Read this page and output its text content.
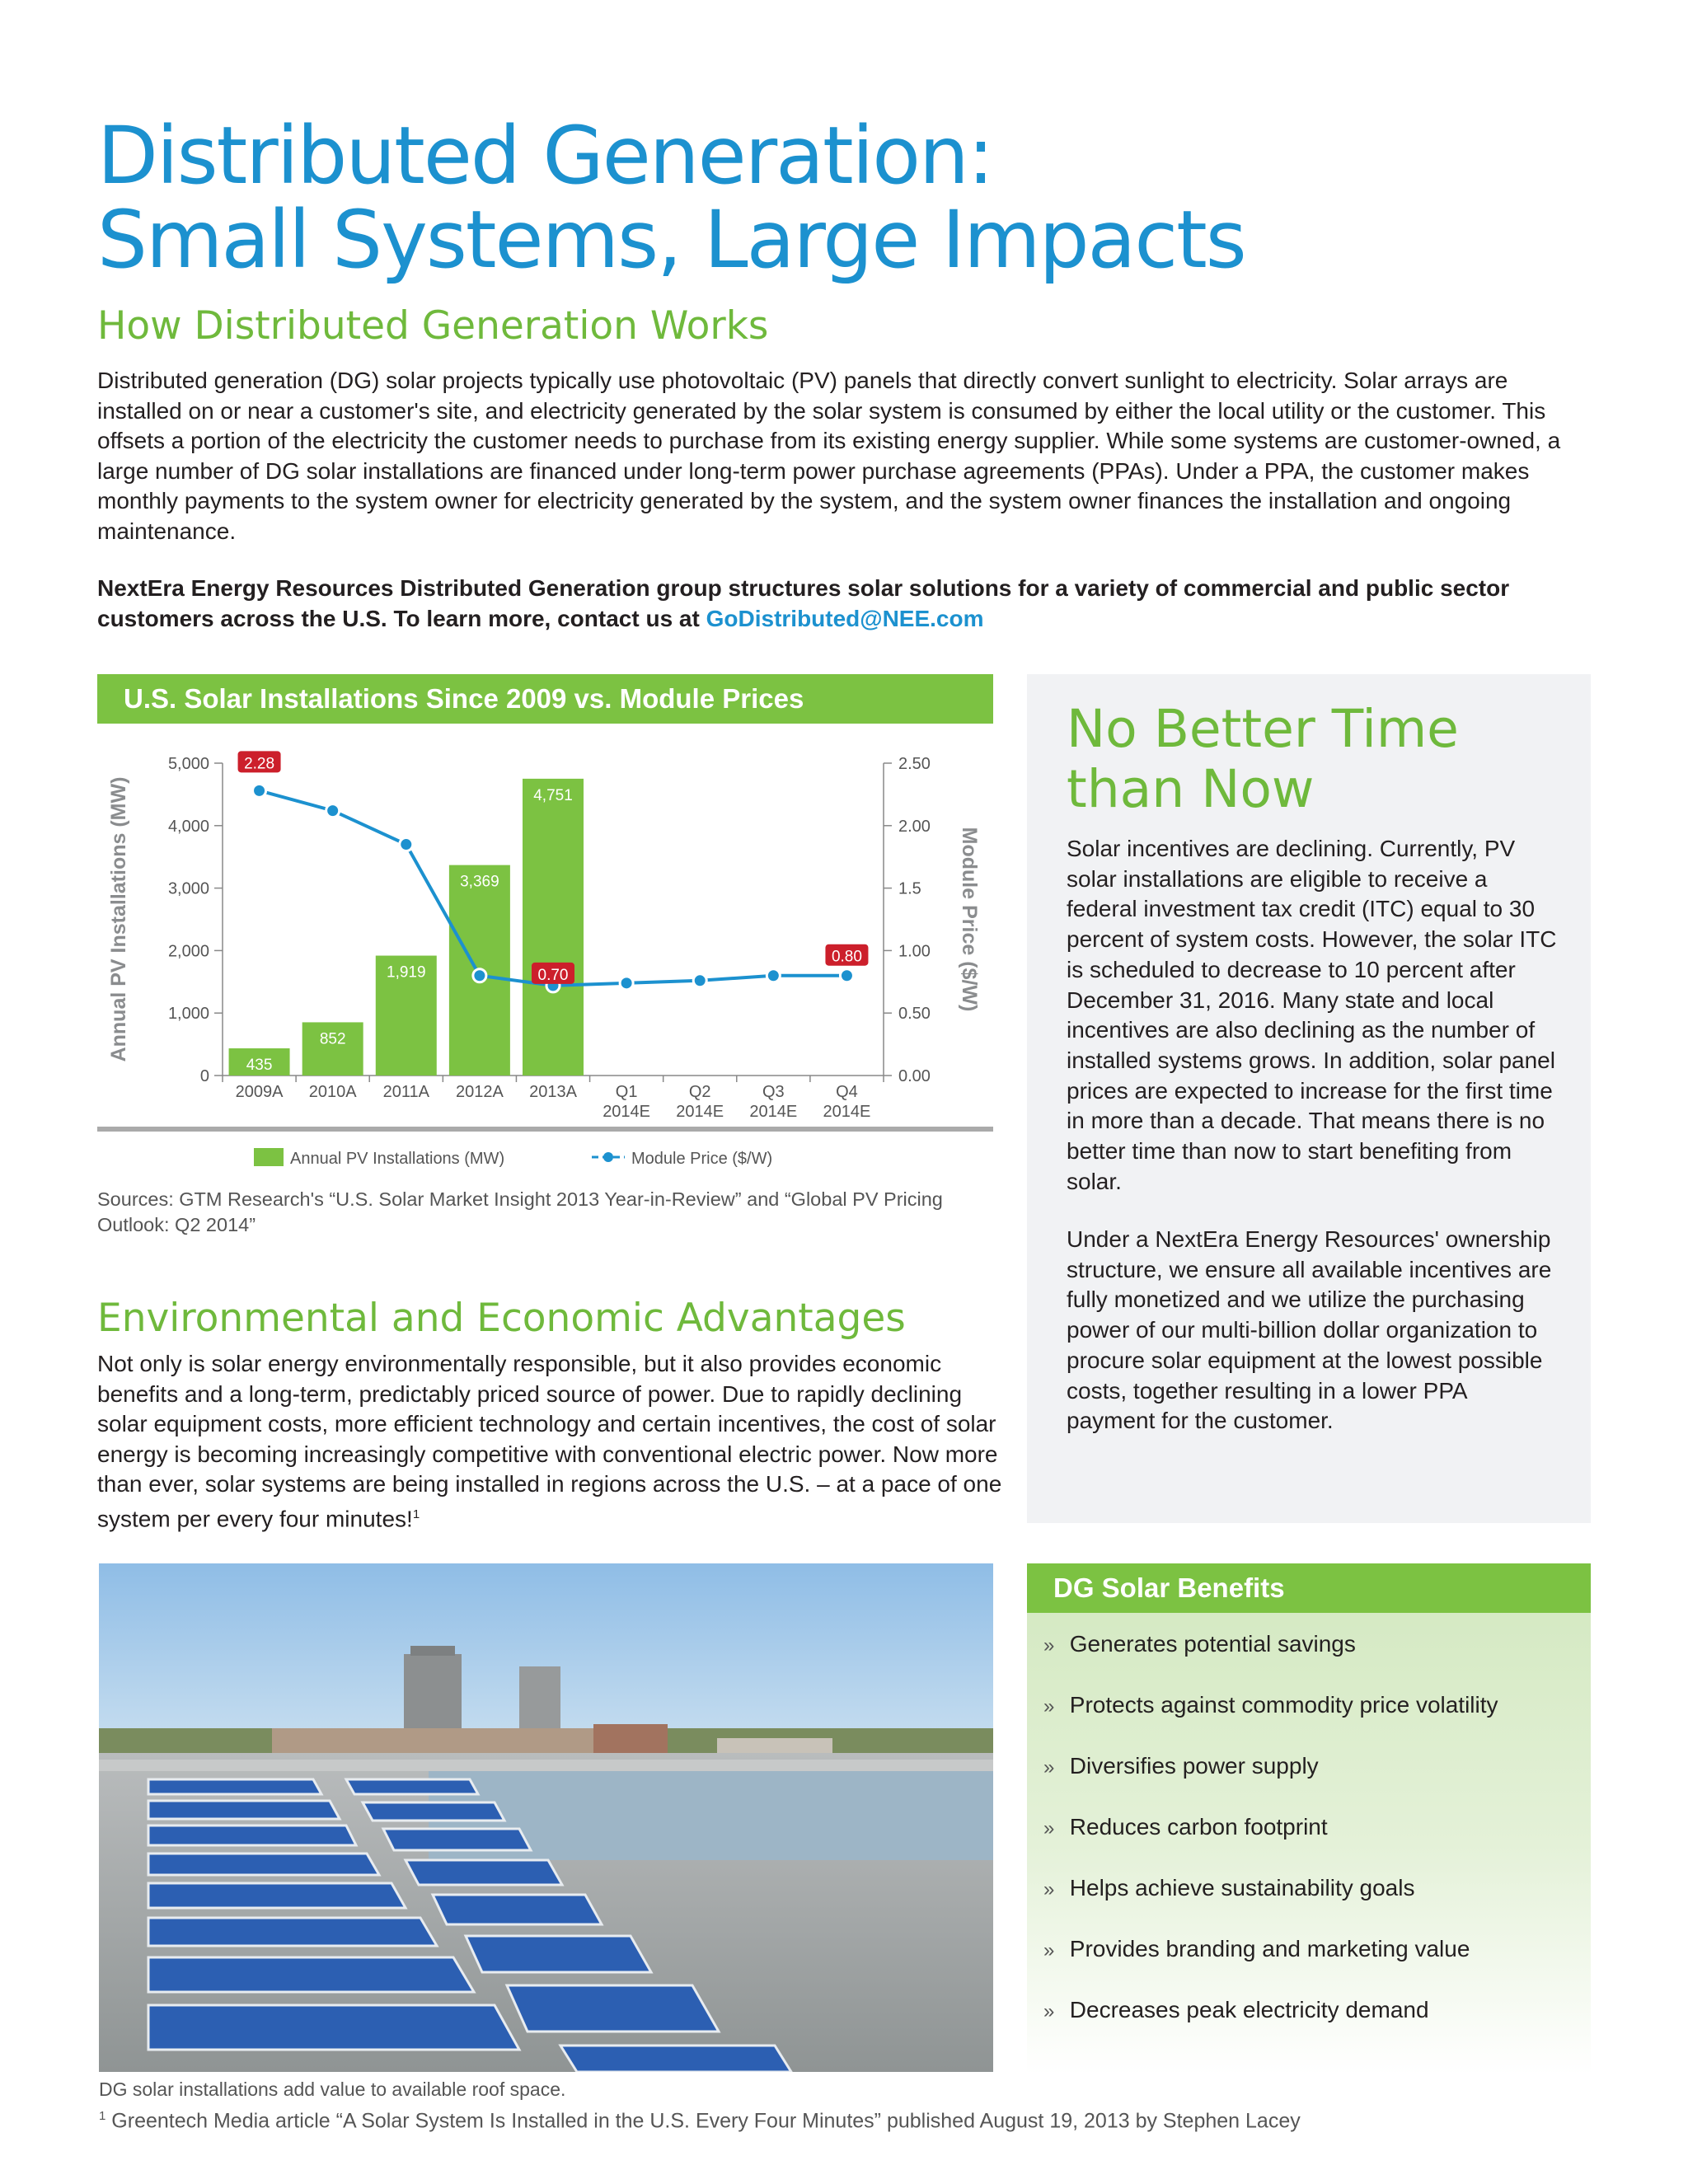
Distributed Generation:
Small Systems, Large Impacts
How Distributed Generation Works

Distributed generation (DG) solar projects typically use photovoltaic (PV) panels that directly convert sunlight to electricity. Solar arrays are installed on or near a customer's site, and electricity generated by the solar system is consumed by either the local utility or the customer. This offsets a portion of the electricity the customer needs to purchase from its existing energy supplier. While some systems are customer-owned, a large number of DG solar installations are financed under long-term power purchase agreements (PPAs). Under a PPA, the customer makes monthly payments to the system owner for electricity generated by the system, and the system owner finances the installation and ongoing maintenance.

NextEra Energy Resources Distributed Generation group structures solar solutions for a variety of commercial and public sector customers across the U.S. To learn more, contact us at GoDistributed@NEE.com

U.S. Solar Installations Since 2009 vs. Module Prices
Annual PV Installations (MW)	Module Price ($/W)
0
1,000
2,000
3,000
4,000
5,000
0.00
0.50
1.00
1.5
2.00
2.50
Annual PV Installations (MW)	Module Price ($/W)
2009A 2010A 2011A 2012A 2013A Q1
2014E
Q2
2014E
Q3
2014E
Q4
2014E
435
852
1,919
3,369
4,751
2.28
0.70
0.80

Sources: GTM Research's “U.S. Solar Market Insight 2013 Year-in-Review” and “Global PV Pricing Outlook: Q2 2014”

Environmental and Economic Advantages

Not only is solar energy environmentally responsible, but it also provides economic benefits and a long-term, predictably priced source of power. Due to rapidly declining solar equipment costs, more efficient technology and certain incentives, the cost of solar energy is becoming increasingly competitive with conventional electric power. Now more than ever, solar systems are being installed in regions across the U.S. – at a pace of one system per every four minutes!$^1$

No Better Time
than Now

Solar incentives are declining. Currently, PV solar installations are eligible to receive a federal investment tax credit (ITC) equal to 30 percent of system costs. However, the solar ITC is scheduled to decrease to 10 percent after December 31, 2016. Many state and local incentives are also declining as the number of installed systems grows. In addition, solar panel prices are expected to increase for the first time in more than a decade. That means there is no better time than now to start benefiting from solar.

Under a NextEra Energy Resources' ownership structure, we ensure all available incentives are fully monetized and we utilize the purchasing power of our multi-billion dollar organization to procure solar equipment at the lowest possible costs, together resulting in a lower PPA payment for the customer.

DG Solar Benefits
» Generates potential savings
» Protects against commodity price volatility
» Diversifies power supply
» Reduces carbon footprint
» Helps achieve sustainability goals
» Provides branding and marketing value
» Decreases peak electricity demand

DG solar installations add value to available roof space.

$^1$ Greentech Media article “A Solar System Is Installed in the U.S. Every Four Minutes” published August 19, 2013 by Stephen Lacey
